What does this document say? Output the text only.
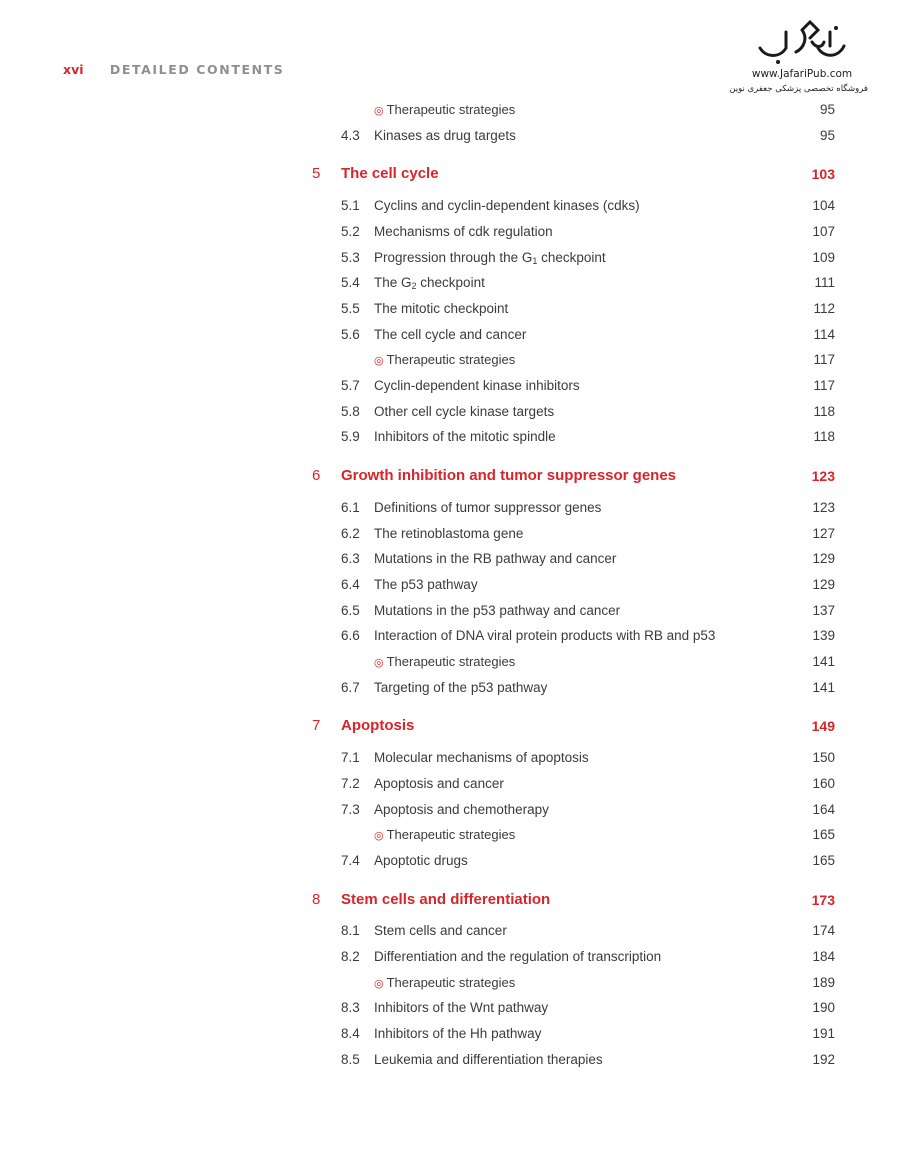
xvi DETAILED CONTENTS	www.JafariPub.com
فروشگاه تخصصی پزشکی جعفری نوین
◎ Therapeutic strategies	95
4.3 Kinases as drug targets	95
5 The cell cycle	103
5.1 Cyclins and cyclin-dependent kinases (cdks)	104
5.2 Mechanisms of cdk regulation	107
5.3 Progression through the $G_1$ checkpoint	109
5.4 The $G_2$ checkpoint	111
5.5 The mitotic checkpoint	112
5.6 The cell cycle and cancer	114
◎ Therapeutic strategies	117
5.7 Cyclin-dependent kinase inhibitors	117
5.8 Other cell cycle kinase targets	118
5.9 Inhibitors of the mitotic spindle	118
6 Growth inhibition and tumor suppressor genes	123
6.1 Definitions of tumor suppressor genes	123
6.2 The retinoblastoma gene	127
6.3 Mutations in the RB pathway and cancer	129
6.4 The p53 pathway	129
6.5 Mutations in the p53 pathway and cancer	137
6.6 Interaction of DNA viral protein products with RB and p53	139
◎ Therapeutic strategies	141
6.7 Targeting of the p53 pathway	141
7 Apoptosis	149
7.1 Molecular mechanisms of apoptosis	150
7.2 Apoptosis and cancer	160
7.3 Apoptosis and chemotherapy	164
◎ Therapeutic strategies	165
7.4 Apoptotic drugs	165
8 Stem cells and differentiation	173
8.1 Stem cells and cancer	174
8.2 Differentiation and the regulation of transcription	184
◎ Therapeutic strategies	189
8.3 Inhibitors of the Wnt pathway	190
8.4 Inhibitors of the Hh pathway	191
8.5 Leukemia and differentiation therapies	192
